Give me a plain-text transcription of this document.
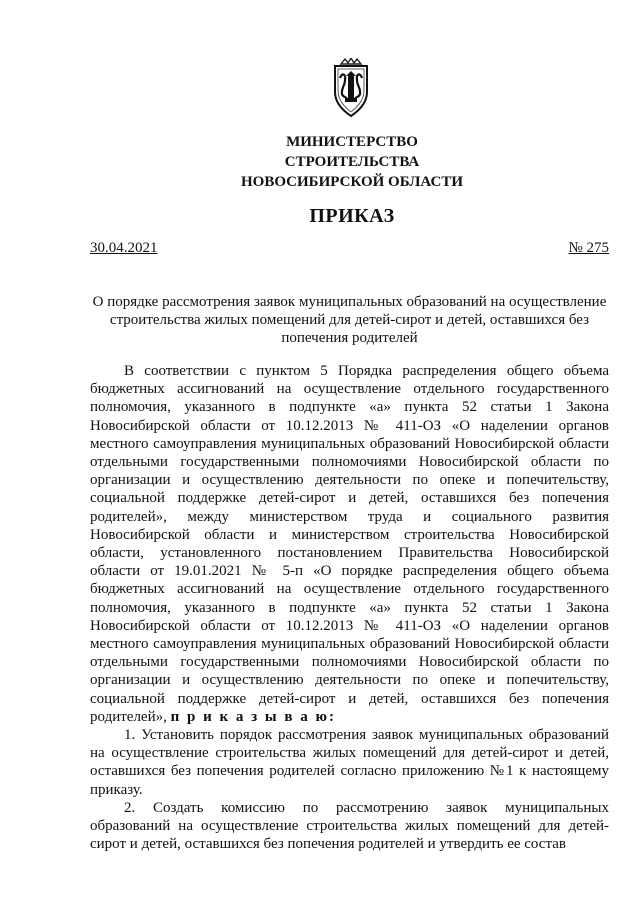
МИНИСТЕРСТВО
СТРОИТЕЛЬСТВА
НОВОСИБИРСКОЙ ОБЛАСТИ
ПРИКАЗ
30.04.2021	№ 275
О порядке рассмотрения заявок муниципальных образований на осуществление строительства жилых помещений для детей-сирот и детей, оставшихся без попечения родителей

В соответствии с пунктом 5 Порядка распределения общего объема бюджетных ассигнований на осуществление отдельного государственного полномочия, указанного в подпункте «а» пункта 52 статьи 1 Закона Новосибирской области от 10.12.2013 № 411-ОЗ «О наделении органов местного самоуправления муниципальных образований Новосибирской области отдельными государственными полномочиями Новосибирской области по организации и осуществлению деятельности по опеке и попечительству, социальной поддержке детей-сирот и детей, оставшихся без попечения родителей», между министерством труда и социального развития Новосибирской области и министерством строительства Новосибирской области, установленного постановлением Правительства Новосибирской области от 19.01.2021 № 5-п «О порядке распределения общего объема бюджетных ассигнований на осуществление отдельного государственного полномочия, указанного в подпункте «а» пункта 52 статьи 1 Закона Новосибирской области от 10.12.2013 № 411-ОЗ «О наделении органов местного самоуправления муниципальных образований Новосибирской области отдельными государственными полномочиями Новосибирской области по организации и осуществлению деятельности по опеке и попечительству, социальной поддержке детей-сирот и детей, оставшихся без попечения родителей», п р и к а з ы в а ю:

1. Установить порядок рассмотрения заявок муниципальных образований на осуществление строительства жилых помещений для детей-сирот и детей, оставшихся без попечения родителей согласно приложению №1 к настоящему приказу.

2. Создать комиссию по рассмотрению заявок муниципальных образований на осуществление строительства жилых помещений для детей-сирот и детей, оставшихся без попечения родителей и утвердить ее состав
